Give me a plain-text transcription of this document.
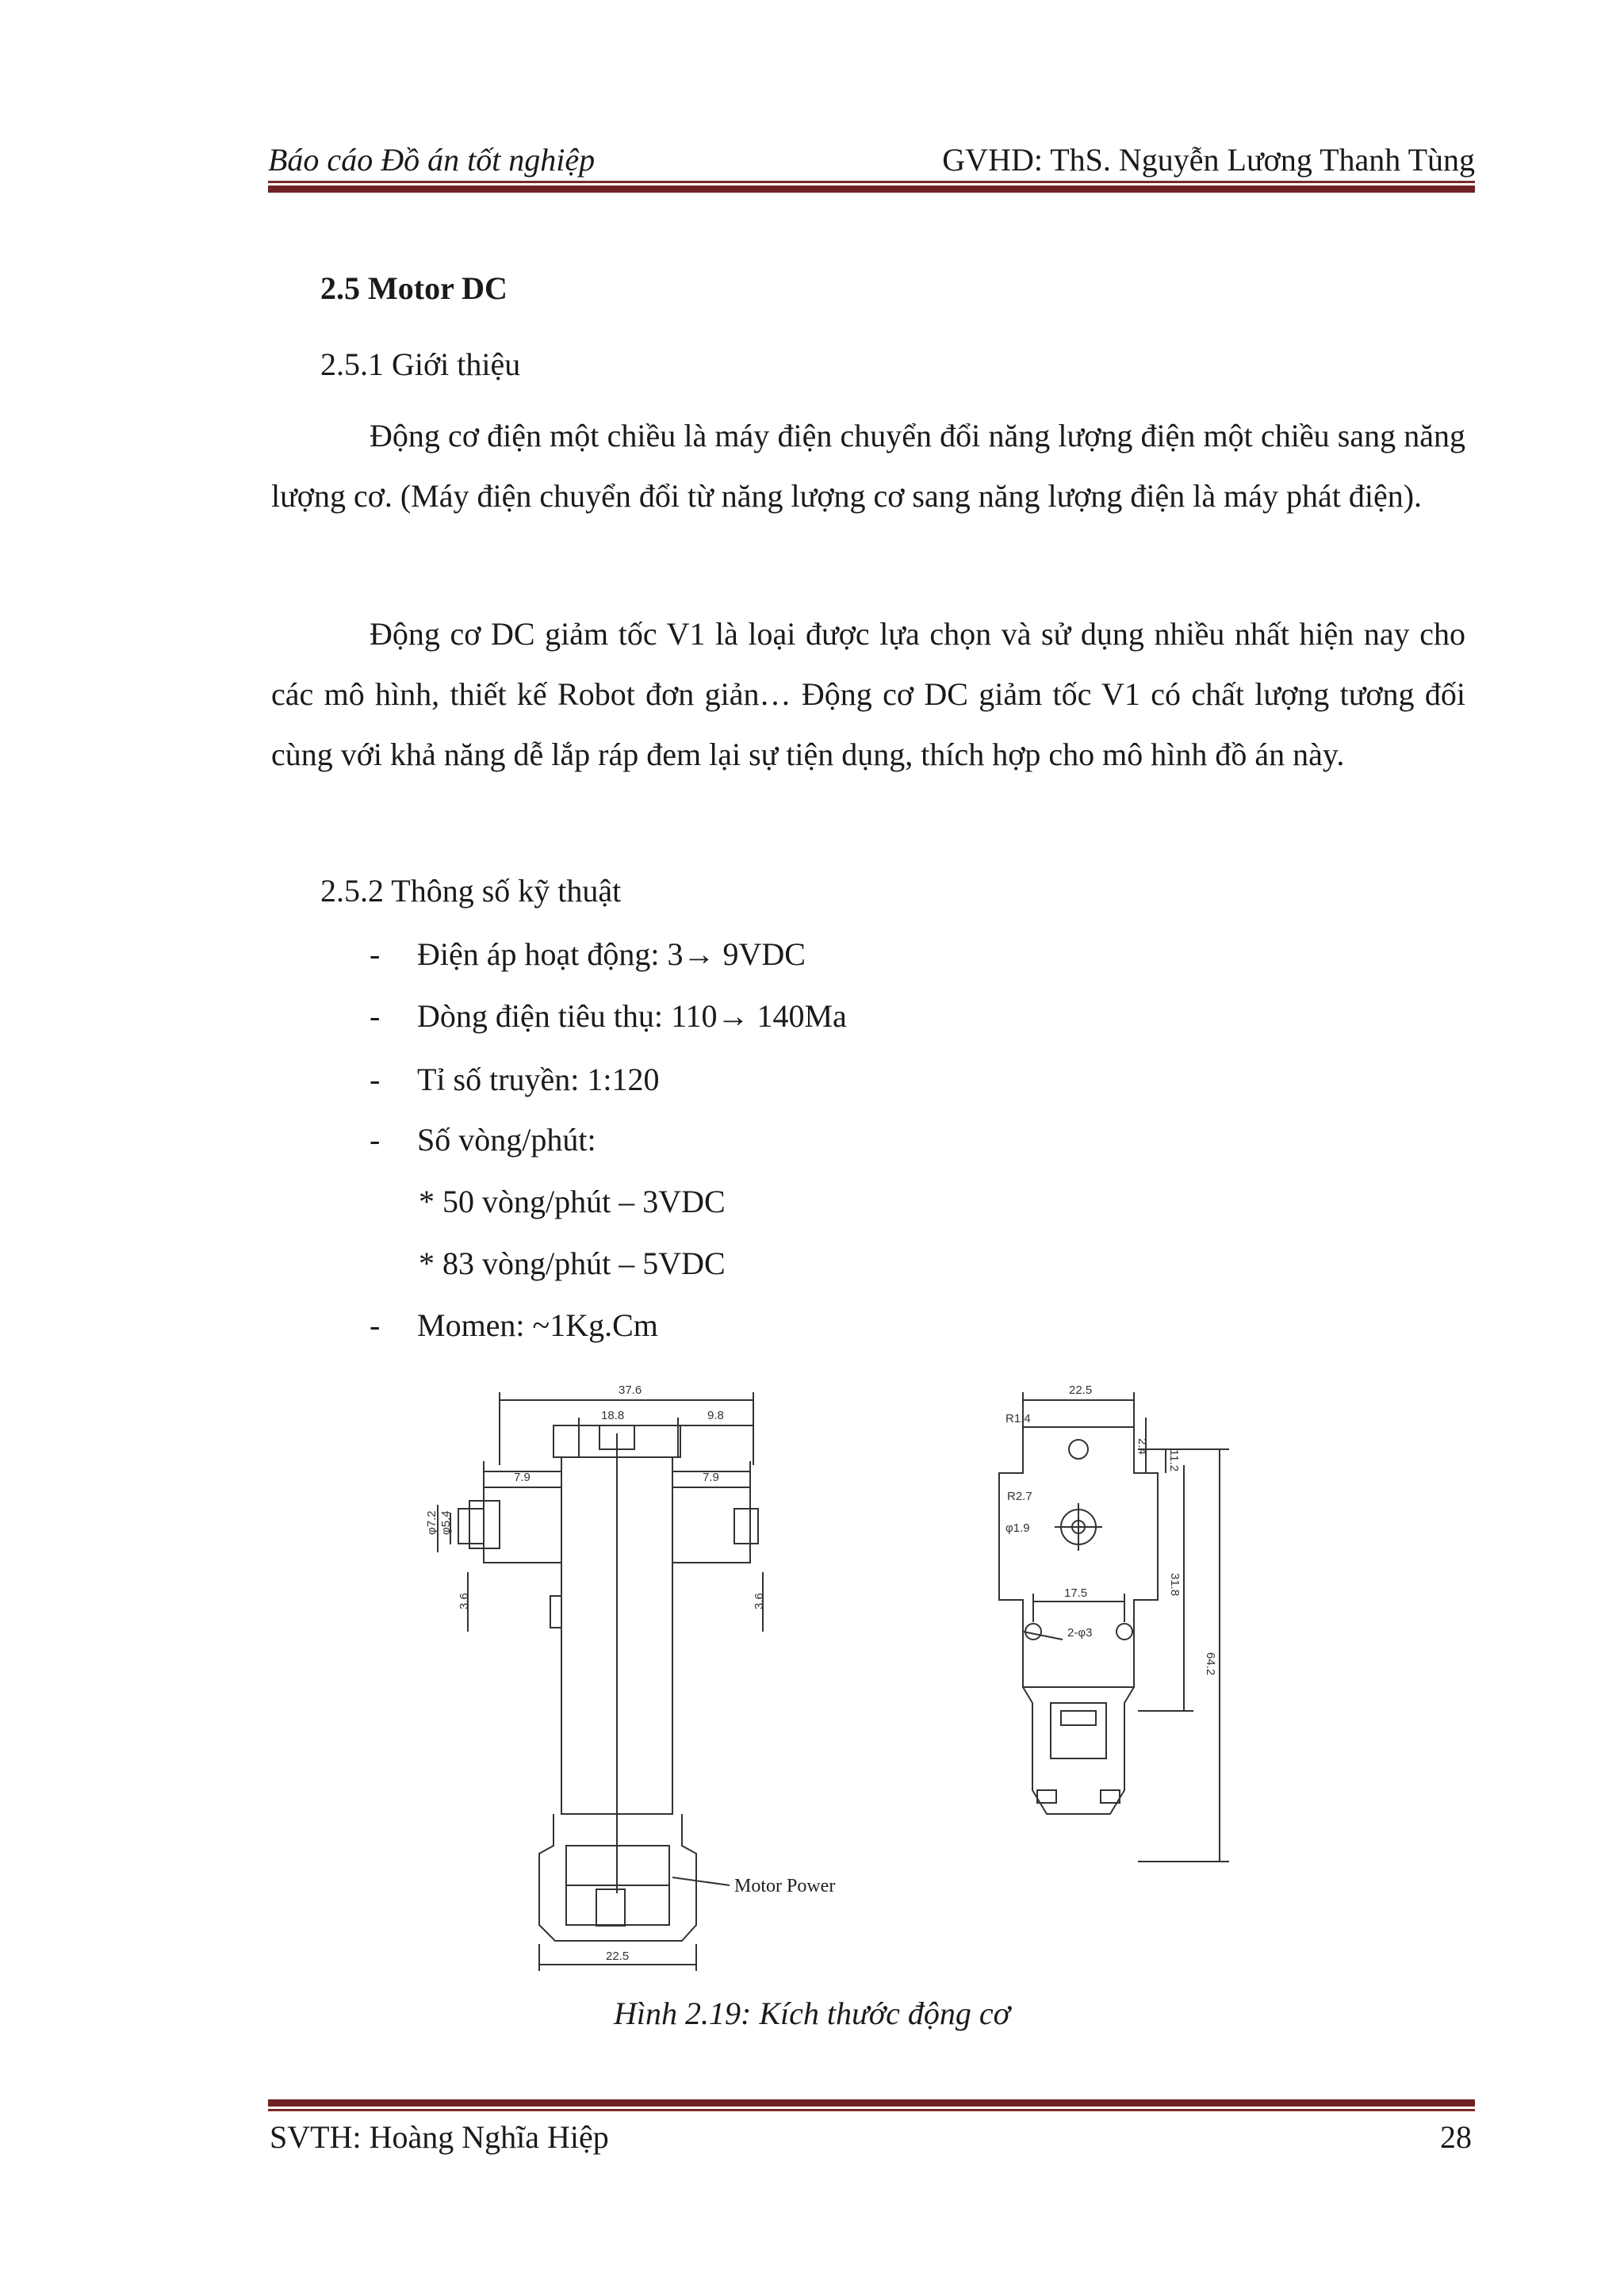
Báo cáo Đồ án tốt nghiệp	GVHD: ThS. Nguyễn Lương Thanh Tùng
2.5 Motor DC
2.5.1 Giới thiệu

Động cơ điện một chiều là máy điện chuyển đổi năng lượng điện một chiều sang năng lượng cơ. (Máy điện chuyển đổi từ năng lượng cơ sang năng lượng điện là máy phát điện).

Động cơ DC giảm tốc V1 là loại được lựa chọn và sử dụng nhiều nhất hiện nay cho các mô hình, thiết kế Robot đơn giản… Động cơ DC giảm tốc V1 có chất lượng tương đối cùng với khả năng dễ lắp ráp đem lại sự tiện dụng, thích hợp cho mô hình đồ án này.

2.5.2 Thông số kỹ thuật
- Điện áp hoạt động: 3→ 9VDC
- Dòng điện tiêu thụ: 110→ 140Ma
- Tỉ số truyền: 1:120
- Số vòng/phút:
* 50 vòng/phút – 3VDC
* 83 vòng/phút – 5VDC
- Momen: ~1Kg.Cm
37.6
18.8	9.8
7.9	7.9
φ7.2 φ5.4
3.6	3.6
22.5
Motor Power
22.5
R1.4
2.4
11.2
R2.7
φ1.9
31.8
17.5
2-φ3
64.2
Hình 2.19: Kích thước động cơ
SVTH: Hoàng Nghĩa Hiệp	28
